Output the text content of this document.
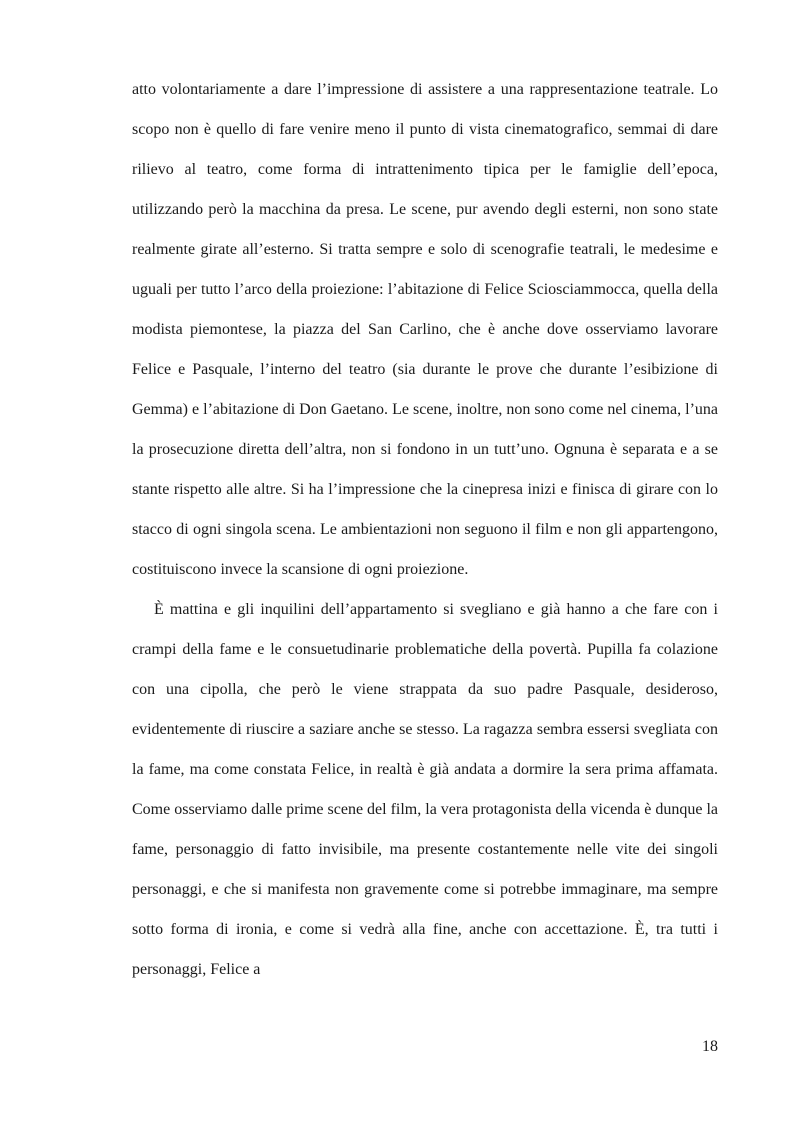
atto volontariamente a dare l’impressione di assistere a una rappresentazione teatrale. Lo scopo non è quello di fare venire meno il punto di vista cinematografico, semmai di dare rilievo al teatro, come forma di intrattenimento tipica per le famiglie dell’epoca, utilizzando però la macchina da presa. Le scene, pur avendo degli esterni, non sono state realmente girate all’esterno. Si tratta sempre e solo di scenografie teatrali, le medesime e uguali per tutto l’arco della proiezione: l’abitazione di Felice Sciosciammocca, quella della modista piemontese, la piazza del San Carlino, che è anche dove osserviamo lavorare Felice e Pasquale, l’interno del teatro (sia durante le prove che durante l’esibizione di Gemma) e l’abitazione di Don Gaetano. Le scene, inoltre, non sono come nel cinema, l’una la prosecuzione diretta dell’altra, non si fondono in un tutt’uno. Ognuna è separata e a se stante rispetto alle altre. Si ha l’impressione che la cinepresa inizi e finisca di girare con lo stacco di ogni singola scena. Le ambientazioni non seguono il film e non gli appartengono, costituiscono invece la scansione di ogni proiezione.

È mattina e gli inquilini dell’appartamento si svegliano e già hanno a che fare con i crampi della fame e le consuetudinarie problematiche della povertà. Pupilla fa colazione con una cipolla, che però le viene strappata da suo padre Pasquale, desideroso, evidentemente di riuscire a saziare anche se stesso. La ragazza sembra essersi svegliata con la fame, ma come constata Felice, in realtà è già andata a dormire la sera prima affamata. Come osserviamo dalle prime scene del film, la vera protagonista della vicenda è dunque la fame, personaggio di fatto invisibile, ma presente costantemente nelle vite dei singoli personaggi, e che si manifesta non gravemente come si potrebbe immaginare, ma sempre sotto forma di ironia, e come si vedrà alla fine, anche con accettazione. È, tra tutti i personaggi, Felice a

18
